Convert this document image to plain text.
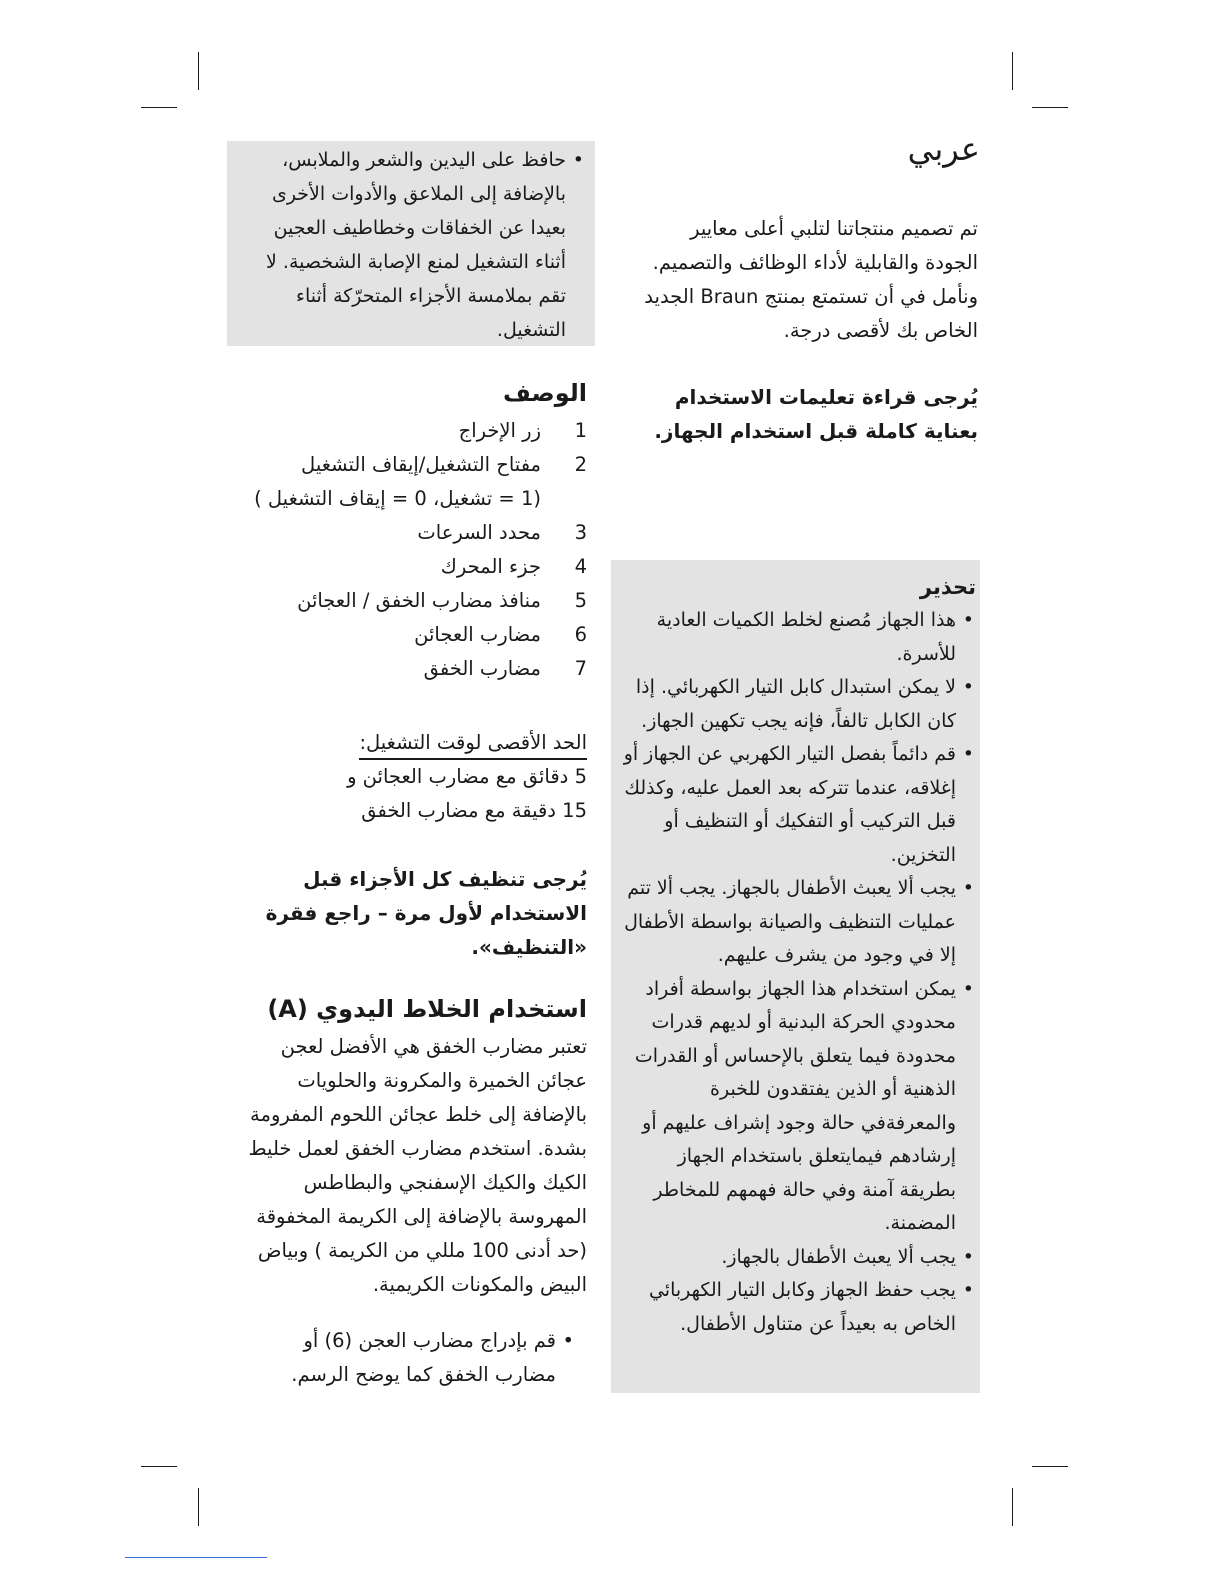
عربي

تم تصميم منتجاتنا لتلبي أعلى معايير

الجودة والقابلية لأداء الوظائف والتصميم.

ونأمل في أن تستمتع بمنتج Braun الجديد

الخاص بك لأقصى درجة.

يُرجى قراءة تعليمات الاستخدام

بعناية كاملة قبل استخدام الجهاز.

تحذير

• هذا الجهاز مُصنع لخلط الكميات العادية للأسرة.
• لا يمكن استبدال كابل التيار الكهربائي. إذا كان الكابل تالفاً، فإنه يجب تكهين الجهاز.
• قم دائماً بفصل التيار الكهربي عن الجهاز أو إغلاقه، عندما تتركه بعد العمل عليه، وكذلك قبل التركيب أو التفكيك أو التنظيف أو التخزين.
• يجب ألا يعبث الأطفال بالجهاز. يجب ألا تتم عمليات التنظيف والصيانة بواسطة الأطفال إلا في وجود من يشرف عليهم.
• يمكن استخدام هذا الجهاز بواسطة أفراد محدودي الحركة البدنية أو لديهم قدرات محدودة فيما يتعلق بالإحساس أو القدرات الذهنية أو الذين يفتقدون للخبرة والمعرفةفي حالة وجود إشراف عليهم أو إرشادهم فيمايتعلق باستخدام الجهاز بطريقة آمنة وفي حالة فهمهم للمخاطر المضمنة.
• يجب ألا يعبث الأطفال بالجهاز.
• يجب حفظ الجهاز وكابل التيار الكهربائي الخاص به بعيداً عن متناول الأطفال.
• حافظ على اليدين والشعر والملابس، بالإضافة إلى الملاعق والأدوات الأخرى بعيدا عن الخفاقات وخطاطيف العجين أثناء التشغيل لمنع الإصابة الشخصية. لا تقم بملامسة الأجزاء المتحرّكة أثناء التشغيل.

الوصف

1
زر الإخراج
2
مفتاح التشغيل/إيقاف التشغيل
(1 = تشغيل، 0 = إيقاف التشغيل )
3
محدد السرعات
4
جزء المحرك
5
منافذ مضارب الخفق / العجائن
6
مضارب العجائن
7
مضارب الخفق

الحد الأقصى لوقت التشغيل:

5 دقائق مع مضارب العجائن و

15 دقيقة مع مضارب الخفق

يُرجى تنظيف كل الأجزاء قبل

الاستخدام لأول مرة – راجع فقرة

«التنظيف».

استخدام الخلاط اليدوي (A)

تعتبر مضارب الخفق هي الأفضل لعجن

عجائن الخميرة والمكرونة والحلويات

بالإضافة إلى خلط عجائن اللحوم المفرومة

بشدة. استخدم مضارب الخفق لعمل خليط

الكيك والكيك الإسفنجي والبطاطس

المهروسة بالإضافة إلى الكريمة المخفوقة

(حد أدنى 100 مللي من الكريمة ) وبياض

البيض والمكونات الكريمية.

• قم بإدراج مضارب العجن (6) أو مضارب الخفق كما يوضح الرسم.
